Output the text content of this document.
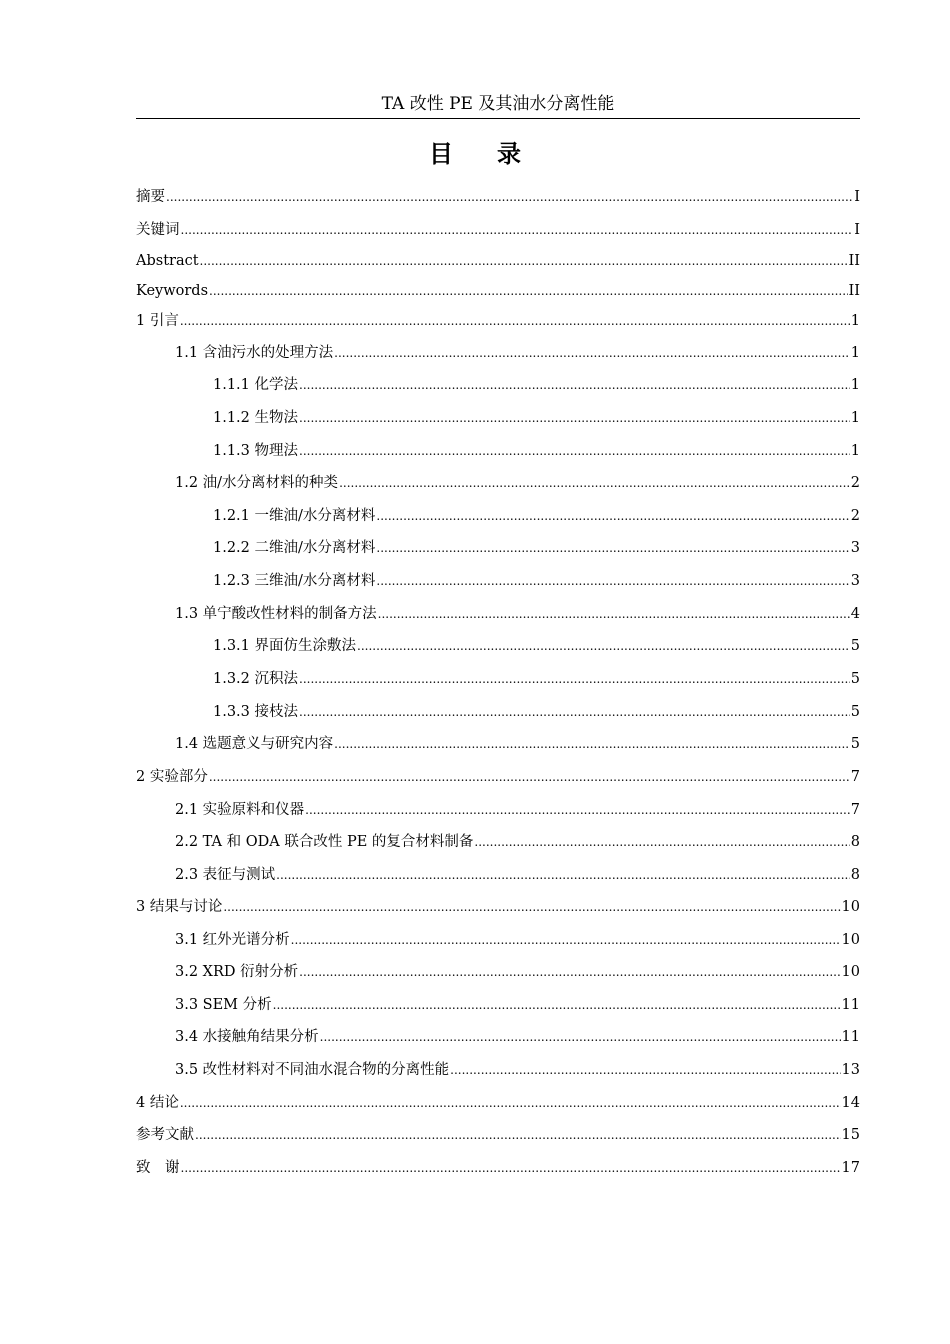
TA 改性 PE 及其油水分离性能
目 录
摘要 .....	I
关键词 .....	I
Abstract .....	II
Keywords .....	II
1 引言 .....	1
1.1 含油污水的处理方法 .....	1
1.1.1 化学法 .....	1
1.1.2 生物法 .....	1
1.1.3 物理法 .....	1
1.2 油/水分离材料的种类 .....	2
1.2.1 一维油/水分离材料 .....	2
1.2.2 二维油/水分离材料 .....	3
1.2.3 三维油/水分离材料 .....	3
1.3 单宁酸改性材料的制备方法 .....	4
1.3.1 界面仿生涂敷法 .....	5
1.3.2 沉积法 .....	5
1.3.3 接枝法 .....	5
1.4 选题意义与研究内容 .....	5
2 实验部分 .....	7
2.1 实验原料和仪器 .....	7
2.2 TA 和 ODA 联合改性 PE 的复合材料制备 .....	8
2.3 表征与测试 .....	8
3 结果与讨论 .....	10
3.1 红外光谱分析 .....	10
3.2 XRD 衍射分析 .....	10
3.3 SEM 分析 .....	11
3.4 水接触角结果分析 .....	11
3.5 改性材料对不同油水混合物的分离性能 .....	13
4 结论 .....	14
参考文献 .....	15
致　谢 .....	17
